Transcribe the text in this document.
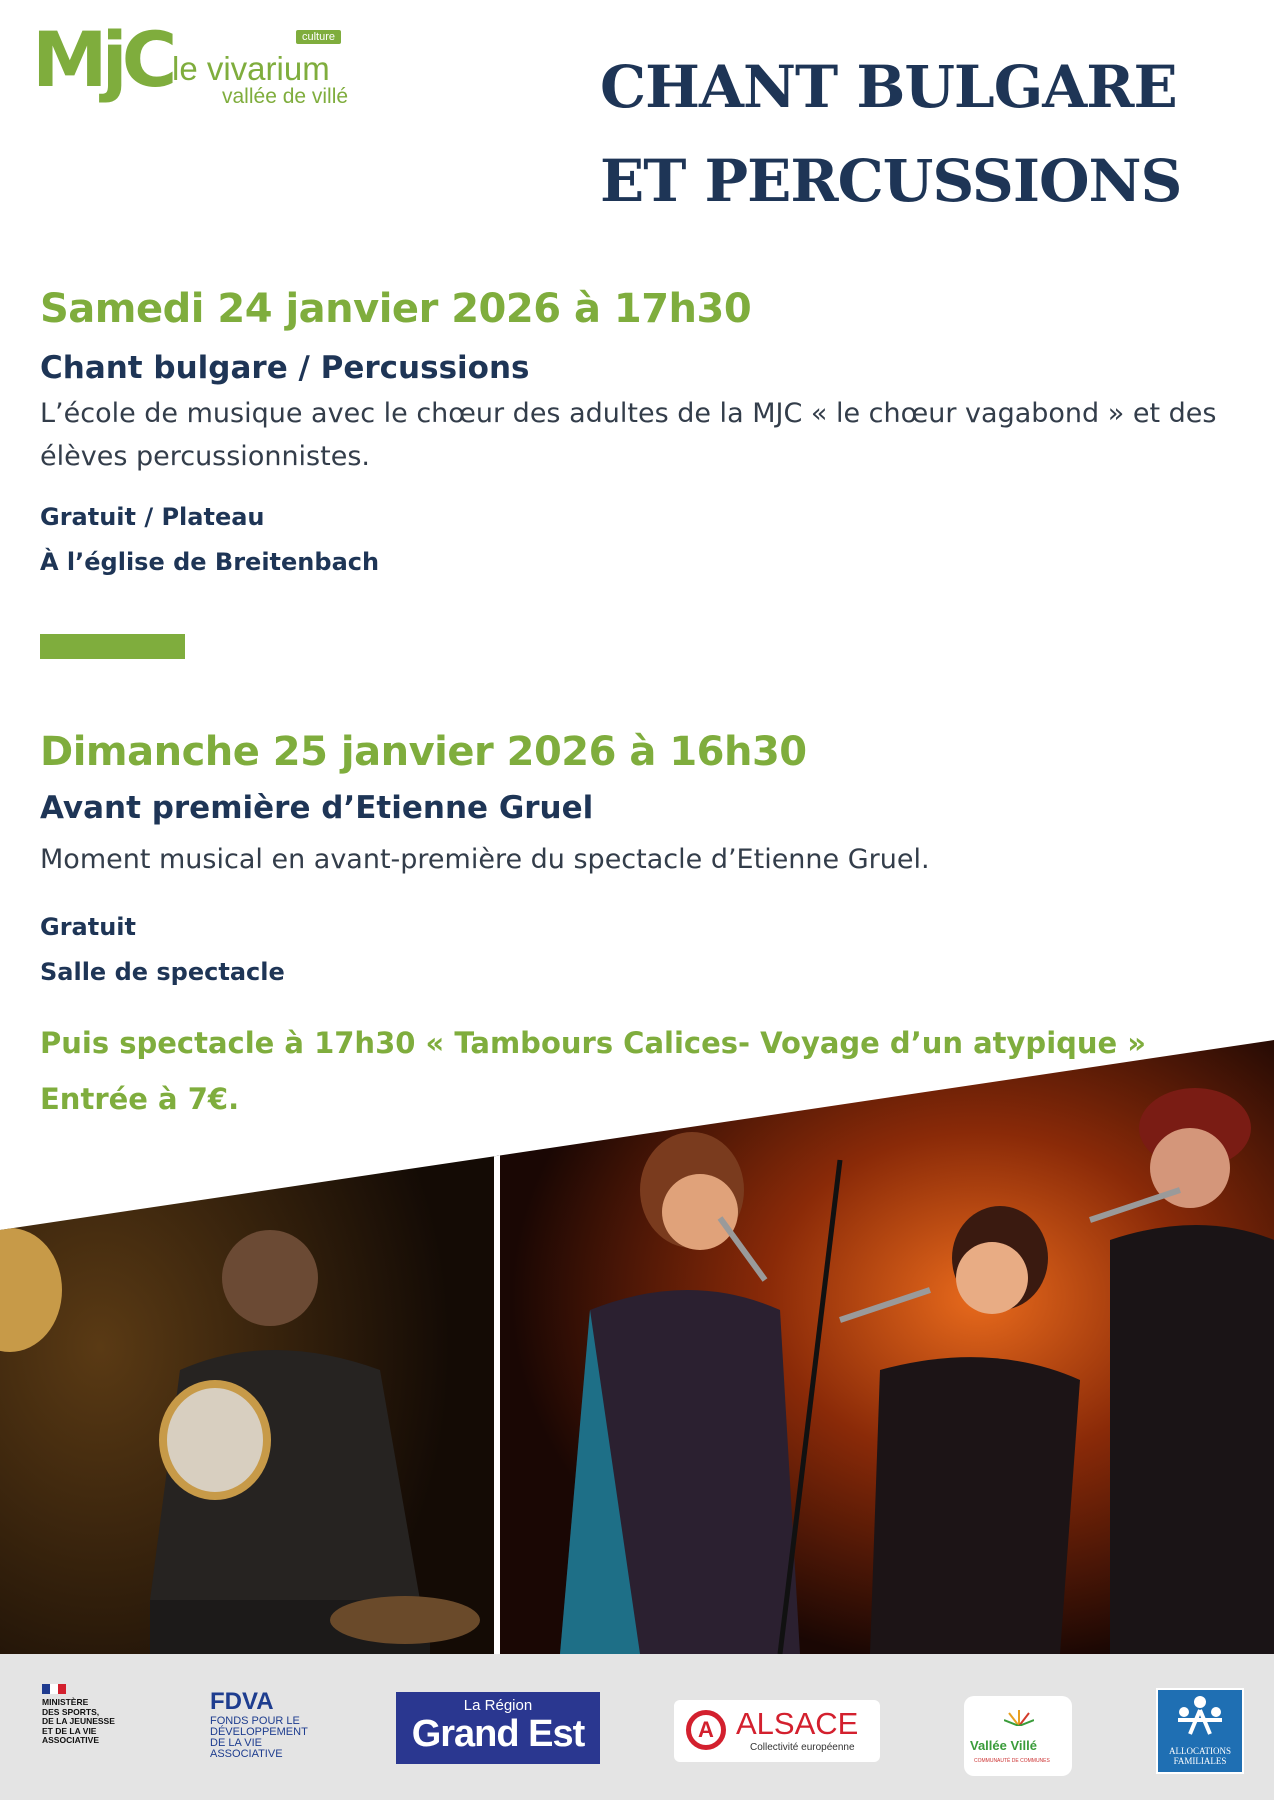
MjC	culture
le vivarium
vallée de villé	CHANT BULGARE
ET PERCUSSIONS
Samedi 24 janvier 2026 à 17h30
Chant bulgare / Percussions
L’école de musique avec le chœur des adultes de la MJC « le chœur vagabond » et des élèves percussionnistes.
Gratuit / Plateau
À l’église de Breitenbach
Dimanche 25 janvier 2026 à 16h30
Avant première d’Etienne Gruel
Moment musical en avant-première du spectacle d’Etienne Gruel.
Gratuit
Salle de spectacle
Puis spectacle à 17h30 « Tambours Calices- Voyage d’un atypique »
Entrée à 7€.
MINISTÈRE
DES SPORTS,
DE LA JEUNESSE
ET DE LA VIE
ASSOCIATIVE
FDVA
FONDS POUR LE
DÉVELOPPEMENT
DE LA VIE
ASSOCIATIVE
La Région
Grand Est	A ALSACE
Collectivité européenne	Vallée Villé
COMMUNAUTÉ DE COMMUNES
ALLOCATIONS
FAMILIALES
